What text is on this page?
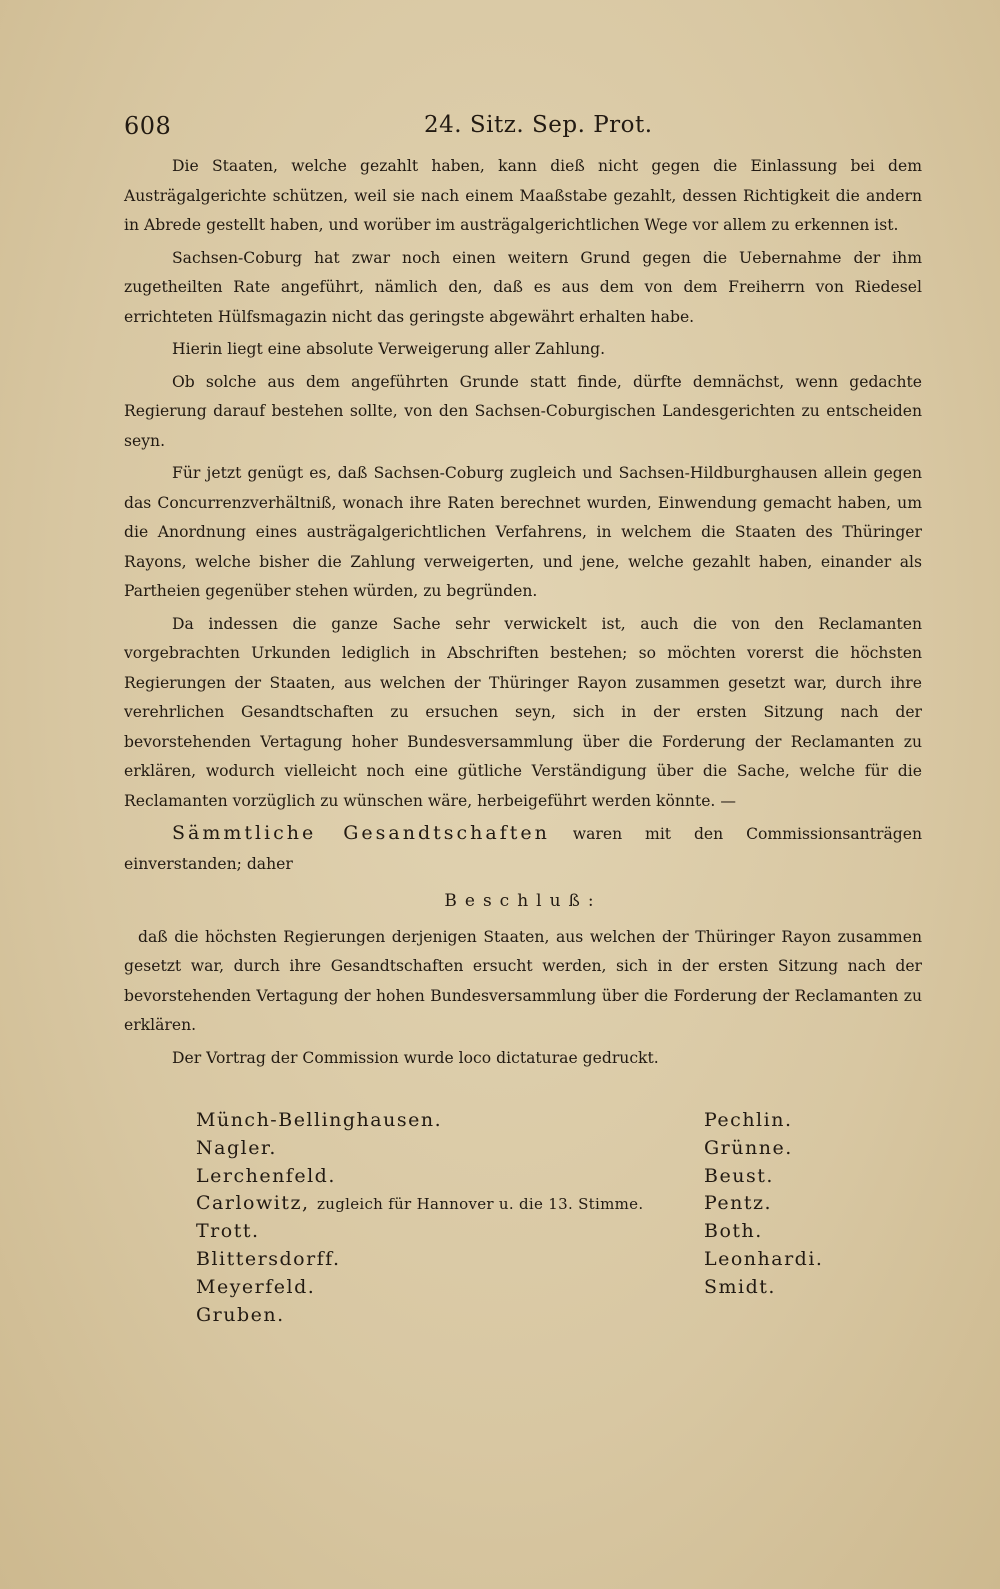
608	24. Sitz. Sep. Prot.

Die Staaten, welche gezahlt haben, kann dieß nicht gegen die Einlassung bei dem Austrägalgerichte schützen, weil sie nach einem Maaßstabe gezahlt, dessen Richtigkeit die andern in Abrede gestellt haben, und worüber im austrägalgerichtlichen Wege vor allem zu erkennen ist.

Sachsen-Coburg hat zwar noch einen weitern Grund gegen die Uebernahme der ihm zugetheilten Rate angeführt, nämlich den, daß es aus dem von dem Freiherrn von Riedesel errichteten Hülfsmagazin nicht das geringste abgewährt erhalten habe.

Hierin liegt eine absolute Verweigerung aller Zahlung.

Ob solche aus dem angeführten Grunde statt finde, dürfte demnächst, wenn gedachte Regierung darauf bestehen sollte, von den Sachsen-Coburgischen Landesgerichten zu entscheiden seyn.

Für jetzt genügt es, daß Sachsen-Coburg zugleich und Sachsen-Hildburghausen allein gegen das Concurrenzverhältniß, wonach ihre Raten berechnet wurden, Einwendung gemacht haben, um die Anordnung eines austrägalgerichtlichen Verfahrens, in welchem die Staaten des Thüringer Rayons, welche bisher die Zahlung verweigerten, und jene, welche gezahlt haben, einander als Partheien gegenüber stehen würden, zu begründen.

Da indessen die ganze Sache sehr verwickelt ist, auch die von den Reclamanten vorgebrachten Urkunden lediglich in Abschriften bestehen; so möchten vorerst die höchsten Regierungen der Staaten, aus welchen der Thüringer Rayon zusammen gesetzt war, durch ihre verehrlichen Gesandtschaften zu ersuchen seyn, sich in der ersten Sitzung nach der bevorstehenden Vertagung hoher Bundesversammlung über die Forderung der Reclamanten zu erklären, wodurch vielleicht noch eine gütliche Verständigung über die Sache, welche für die Reclamanten vorzüglich zu wünschen wäre, herbeigeführt werden könnte. —

Sämmtliche Gesandtschaften waren mit den Commissionsanträgen einverstanden; daher

Beschluß:

daß die höchsten Regierungen derjenigen Staaten, aus welchen der Thüringer Rayon zusammen gesetzt war, durch ihre Gesandtschaften ersucht werden, sich in der ersten Sitzung nach der bevorstehenden Vertagung der hohen Bundesversammlung über die Forderung der Reclamanten zu erklären.

Der Vortrag der Commission wurde loco dictaturae gedruckt.

Münch-Bellinghausen.
Nagler.
Lerchenfeld.
Carlowitz, zugleich für Hannover u. die 13. Stimme.
Trott.
Blittersdorff.
Meyerfeld.
Gruben.
Pechlin.
Grünne.
Beust.
Pentz.
Both.
Leonhardi.
Smidt.
